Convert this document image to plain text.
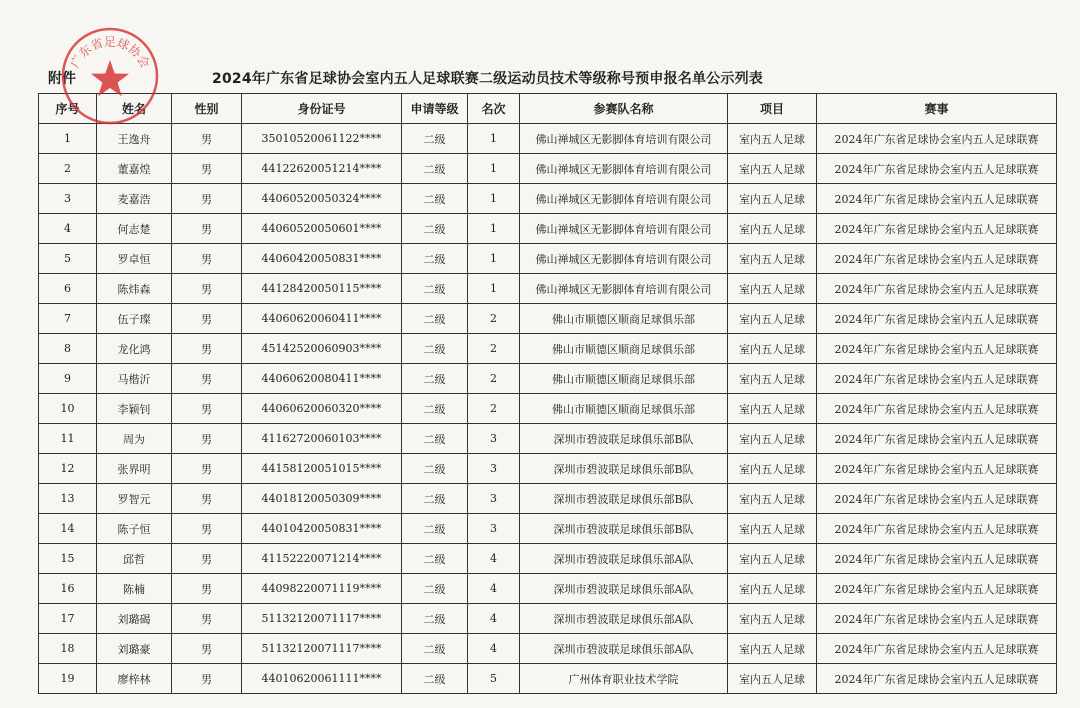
附件	2024年广东省足球协会室内五人足球联赛二级运动员技术等级称号预申报名单公示列表
序号	姓名	性别	身份证号	申请等级	名次	参赛队名称	项目	赛事
1	王逸舟	男	35010520061122****	二级	1	佛山禅城区无影脚体育培训有限公司	室内五人足球	2024年广东省足球协会室内五人足球联赛
2	董嘉煌	男	44122620051214****	二级	1	佛山禅城区无影脚体育培训有限公司	室内五人足球	2024年广东省足球协会室内五人足球联赛
3	麦嘉浩	男	44060520050324****	二级	1	佛山禅城区无影脚体育培训有限公司	室内五人足球	2024年广东省足球协会室内五人足球联赛
4	何志楚	男	44060520050601****	二级	1	佛山禅城区无影脚体育培训有限公司	室内五人足球	2024年广东省足球协会室内五人足球联赛
5	罗卓恒	男	44060420050831****	二级	1	佛山禅城区无影脚体育培训有限公司	室内五人足球	2024年广东省足球协会室内五人足球联赛
6	陈炜森	男	44128420050115****	二级	1	佛山禅城区无影脚体育培训有限公司	室内五人足球	2024年广东省足球协会室内五人足球联赛
7	伍子璨	男	44060620060411****	二级	2	佛山市顺德区顺商足球俱乐部	室内五人足球	2024年广东省足球协会室内五人足球联赛
8	龙化鸿	男	45142520060903****	二级	2	佛山市顺德区顺商足球俱乐部	室内五人足球	2024年广东省足球协会室内五人足球联赛
9	马楷沂	男	44060620080411****	二级	2	佛山市顺德区顺商足球俱乐部	室内五人足球	2024年广东省足球协会室内五人足球联赛
10	李颖钊	男	44060620060320****	二级	2	佛山市顺德区顺商足球俱乐部	室内五人足球	2024年广东省足球协会室内五人足球联赛
11	周为	男	41162720060103****	二级	3	深圳市碧波联足球俱乐部B队	室内五人足球	2024年广东省足球协会室内五人足球联赛
12	张界明	男	44158120051015****	二级	3	深圳市碧波联足球俱乐部B队	室内五人足球	2024年广东省足球协会室内五人足球联赛
13	罗智元	男	44018120050309****	二级	3	深圳市碧波联足球俱乐部B队	室内五人足球	2024年广东省足球协会室内五人足球联赛
14	陈子恒	男	44010420050831****	二级	3	深圳市碧波联足球俱乐部B队	室内五人足球	2024年广东省足球协会室内五人足球联赛
15	邱哲	男	41152220071214****	二级	4	深圳市碧波联足球俱乐部A队	室内五人足球	2024年广东省足球协会室内五人足球联赛
16	陈楠	男	44098220071119****	二级	4	深圳市碧波联足球俱乐部A队	室内五人足球	2024年广东省足球协会室内五人足球联赛
17	刘璐碣	男	51132120071117****	二级	4	深圳市碧波联足球俱乐部A队	室内五人足球	2024年广东省足球协会室内五人足球联赛
18	刘璐豪	男	51132120071117****	二级	4	深圳市碧波联足球俱乐部A队	室内五人足球	2024年广东省足球协会室内五人足球联赛
19	廖梓林	男	44010620061111****	二级	5	广州体育职业技术学院	室内五人足球	2024年广东省足球协会室内五人足球联赛
广东省足球协会
